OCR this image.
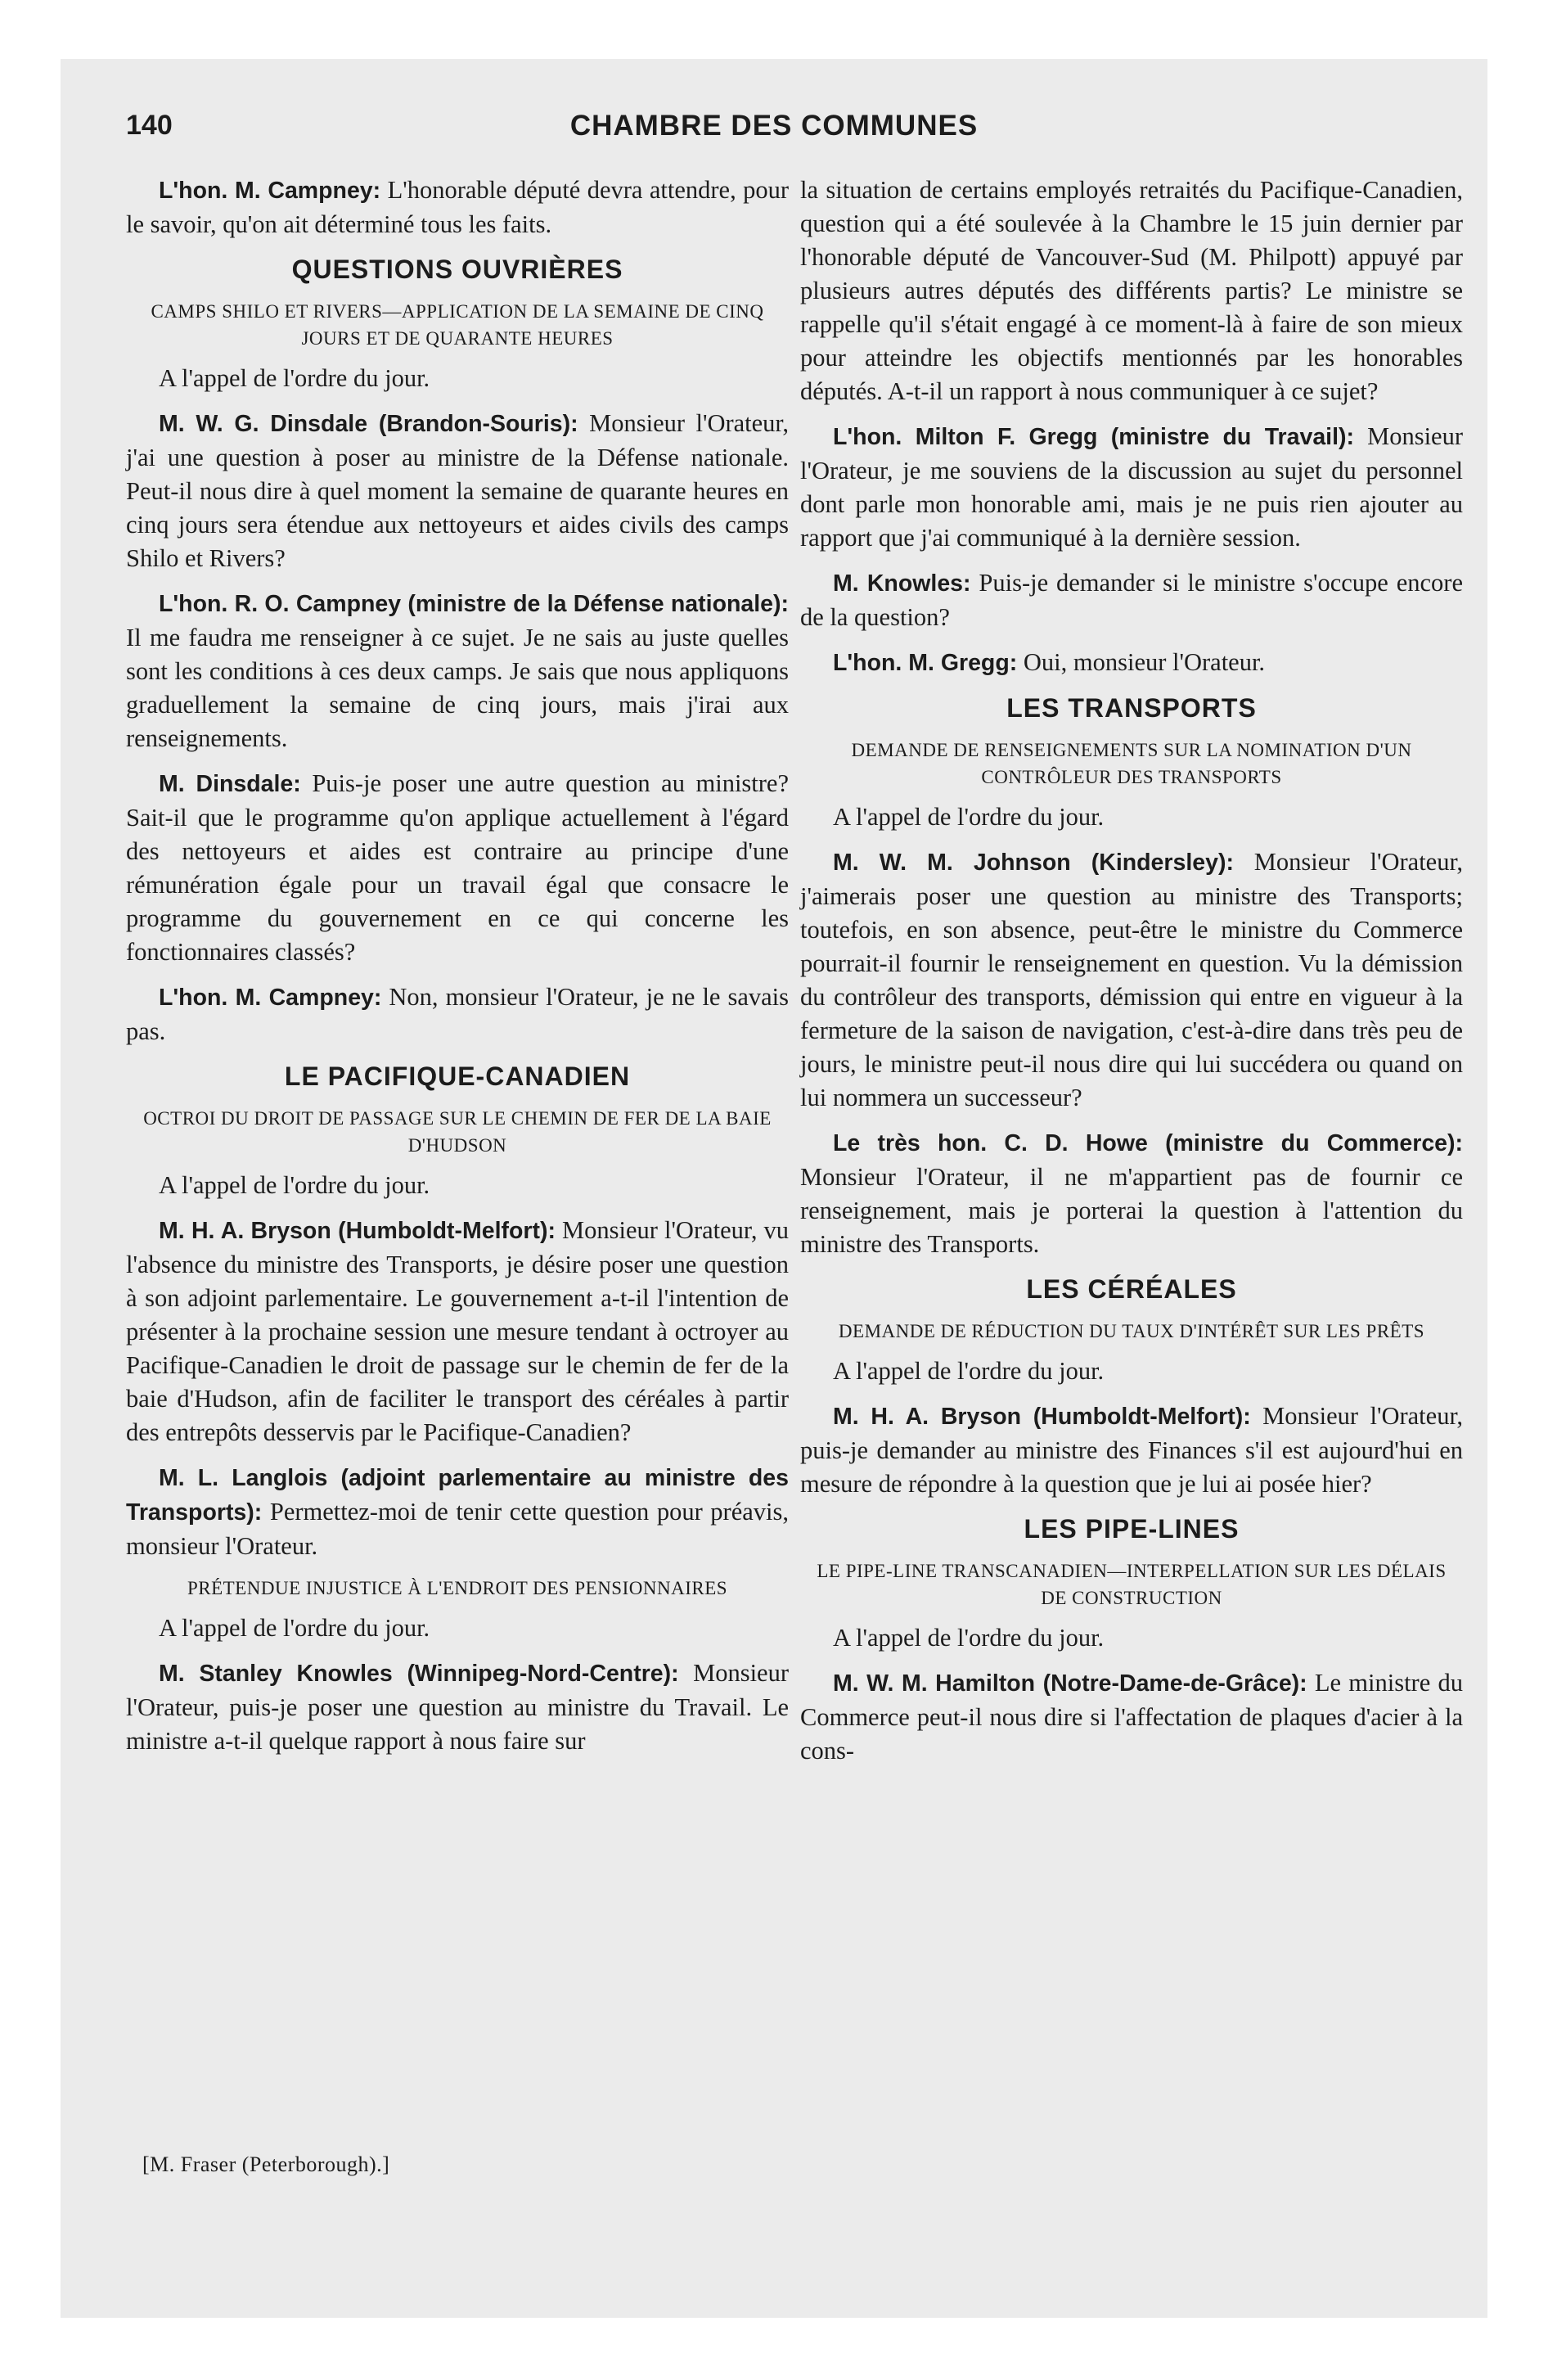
140	CHAMBRE DES COMMUNES

L'hon. M. Campney: L'honorable député devra attendre, pour le savoir, qu'on ait déterminé tous les faits.

QUESTIONS OUVRIÈRES
CAMPS SHILO ET RIVERS—APPLICATION DE LA SEMAINE DE CINQ JOURS ET DE QUARANTE HEURES

A l'appel de l'ordre du jour.

M. W. G. Dinsdale (Brandon-Souris): Monsieur l'Orateur, j'ai une question à poser au ministre de la Défense nationale. Peut-il nous dire à quel moment la semaine de quarante heures en cinq jours sera étendue aux nettoyeurs et aides civils des camps Shilo et Rivers?

L'hon. R. O. Campney (ministre de la Défense nationale): Il me faudra me renseigner à ce sujet. Je ne sais au juste quelles sont les conditions à ces deux camps. Je sais que nous appliquons graduellement la semaine de cinq jours, mais j'irai aux renseignements.

M. Dinsdale: Puis-je poser une autre question au ministre? Sait-il que le programme qu'on applique actuellement à l'égard des nettoyeurs et aides est contraire au principe d'une rémunération égale pour un travail égal que consacre le programme du gouvernement en ce qui concerne les fonctionnaires classés?

L'hon. M. Campney: Non, monsieur l'Orateur, je ne le savais pas.

LE PACIFIQUE-CANADIEN
OCTROI DU DROIT DE PASSAGE SUR LE CHEMIN DE FER DE LA BAIE D'HUDSON

A l'appel de l'ordre du jour.

M. H. A. Bryson (Humboldt-Melfort): Monsieur l'Orateur, vu l'absence du ministre des Transports, je désire poser une question à son adjoint parlementaire. Le gouvernement a-t-il l'intention de présenter à la prochaine session une mesure tendant à octroyer au Pacifique-Canadien le droit de passage sur le chemin de fer de la baie d'Hudson, afin de faciliter le transport des céréales à partir des entrepôts desservis par le Pacifique-Canadien?

M. L. Langlois (adjoint parlementaire au ministre des Transports): Permettez-moi de tenir cette question pour préavis, monsieur l'Orateur.

PRÉTENDUE INJUSTICE À L'ENDROIT DES PENSIONNAIRES

A l'appel de l'ordre du jour.

M. Stanley Knowles (Winnipeg-Nord-Centre): Monsieur l'Orateur, puis-je poser une question au ministre du Travail. Le ministre a-t-il quelque rapport à nous faire sur

la situation de certains employés retraités du Pacifique-Canadien, question qui a été soulevée à la Chambre le 15 juin dernier par l'honorable député de Vancouver-Sud (M. Philpott) appuyé par plusieurs autres députés des différents partis? Le ministre se rappelle qu'il s'était engagé à ce moment-là à faire de son mieux pour atteindre les objectifs mentionnés par les honorables députés. A-t-il un rapport à nous communiquer à ce sujet?

L'hon. Milton F. Gregg (ministre du Travail): Monsieur l'Orateur, je me souviens de la discussion au sujet du personnel dont parle mon honorable ami, mais je ne puis rien ajouter au rapport que j'ai communiqué à la dernière session.

M. Knowles: Puis-je demander si le ministre s'occupe encore de la question?

L'hon. M. Gregg: Oui, monsieur l'Orateur.

LES TRANSPORTS
DEMANDE DE RENSEIGNEMENTS SUR LA NOMINATION D'UN CONTRÔLEUR DES TRANSPORTS

A l'appel de l'ordre du jour.

M. W. M. Johnson (Kindersley): Monsieur l'Orateur, j'aimerais poser une question au ministre des Transports; toutefois, en son absence, peut-être le ministre du Commerce pourrait-il fournir le renseignement en question. Vu la démission du contrôleur des transports, démission qui entre en vigueur à la fermeture de la saison de navigation, c'est-à-dire dans très peu de jours, le ministre peut-il nous dire qui lui succédera ou quand on lui nommera un successeur?

Le très hon. C. D. Howe (ministre du Commerce): Monsieur l'Orateur, il ne m'appartient pas de fournir ce renseignement, mais je porterai la question à l'attention du ministre des Transports.

LES CÉRÉALES
DEMANDE DE RÉDUCTION DU TAUX D'INTÉRÊT SUR LES PRÊTS

A l'appel de l'ordre du jour.

M. H. A. Bryson (Humboldt-Melfort): Monsieur l'Orateur, puis-je demander au ministre des Finances s'il est aujourd'hui en mesure de répondre à la question que je lui ai posée hier?

LES PIPE-LINES
LE PIPE-LINE TRANSCANADIEN—INTERPELLATION SUR LES DÉLAIS DE CONSTRUCTION

A l'appel de l'ordre du jour.

M. W. M. Hamilton (Notre-Dame-de-Grâce): Le ministre du Commerce peut-il nous dire si l'affectation de plaques d'acier à la cons-

[M. Fraser (Peterborough).]
